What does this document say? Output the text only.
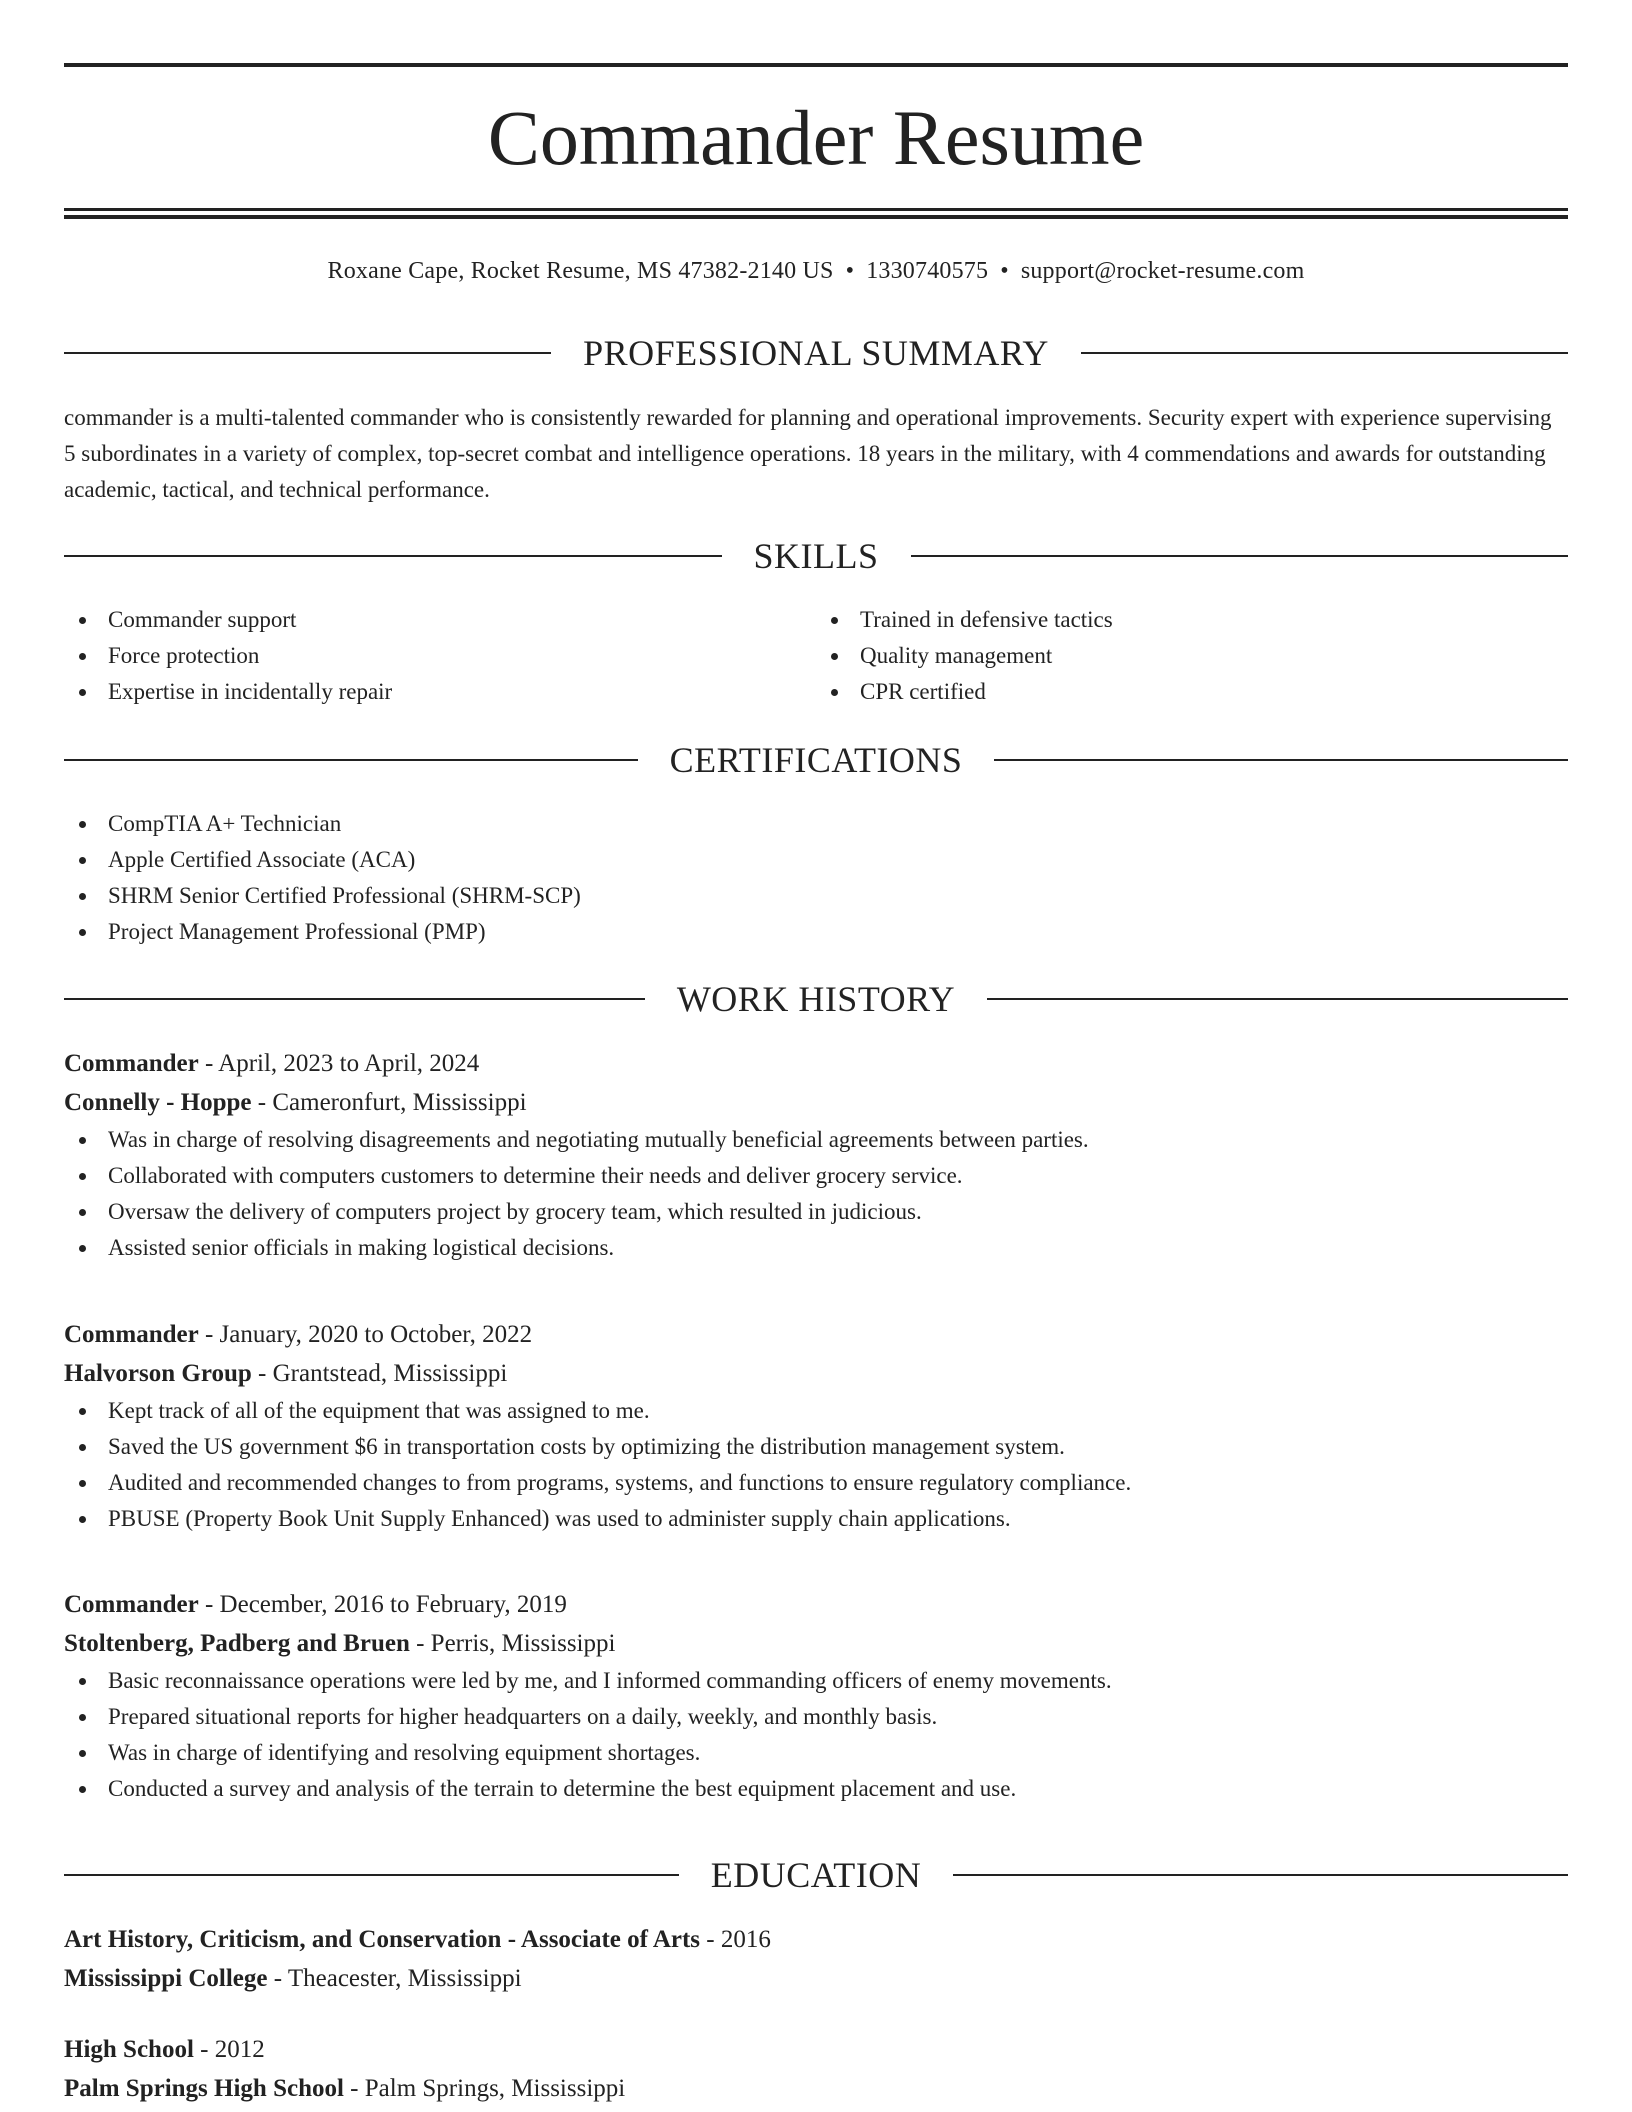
Commander Resume
Roxane Cape, Rocket Resume, MS 47382-2140 US • 1330740575 • support@rocket-resume.com
PROFESSIONAL SUMMARY

commander is a multi-talented commander who is consistently rewarded for planning and operational improvements. Security expert with experience supervising 5 subordinates in a variety of complex, top-secret combat and intelligence operations. 18 years in the military, with 4 commendations and awards for outstanding academic, tactical, and technical performance.

SKILLS
Commander support
Force protection
Expertise in incidentally repair
Trained in defensive tactics
Quality management
CPR certified
CERTIFICATIONS
CompTIA A+ Technician
Apple Certified Associate (ACA)
SHRM Senior Certified Professional (SHRM-SCP)
Project Management Professional (PMP)
WORK HISTORY
Commander - April, 2023 to April, 2024
Connelly - Hoppe - Cameronfurt, Mississippi
Was in charge of resolving disagreements and negotiating mutually beneficial agreements between parties.
Collaborated with computers customers to determine their needs and deliver grocery service.
Oversaw the delivery of computers project by grocery team, which resulted in judicious.
Assisted senior officials in making logistical decisions.
Commander - January, 2020 to October, 2022
Halvorson Group - Grantstead, Mississippi
Kept track of all of the equipment that was assigned to me.
Saved the US government $6 in transportation costs by optimizing the distribution management system.
Audited and recommended changes to from programs, systems, and functions to ensure regulatory compliance.
PBUSE (Property Book Unit Supply Enhanced) was used to administer supply chain applications.
Commander - December, 2016 to February, 2019
Stoltenberg, Padberg and Bruen - Perris, Mississippi
Basic reconnaissance operations were led by me, and I informed commanding officers of enemy movements.
Prepared situational reports for higher headquarters on a daily, weekly, and monthly basis.
Was in charge of identifying and resolving equipment shortages.
Conducted a survey and analysis of the terrain to determine the best equipment placement and use.
EDUCATION
Art History, Criticism, and Conservation - Associate of Arts - 2016
Mississippi College - Theacester, Mississippi
High School - 2012
Palm Springs High School - Palm Springs, Mississippi
